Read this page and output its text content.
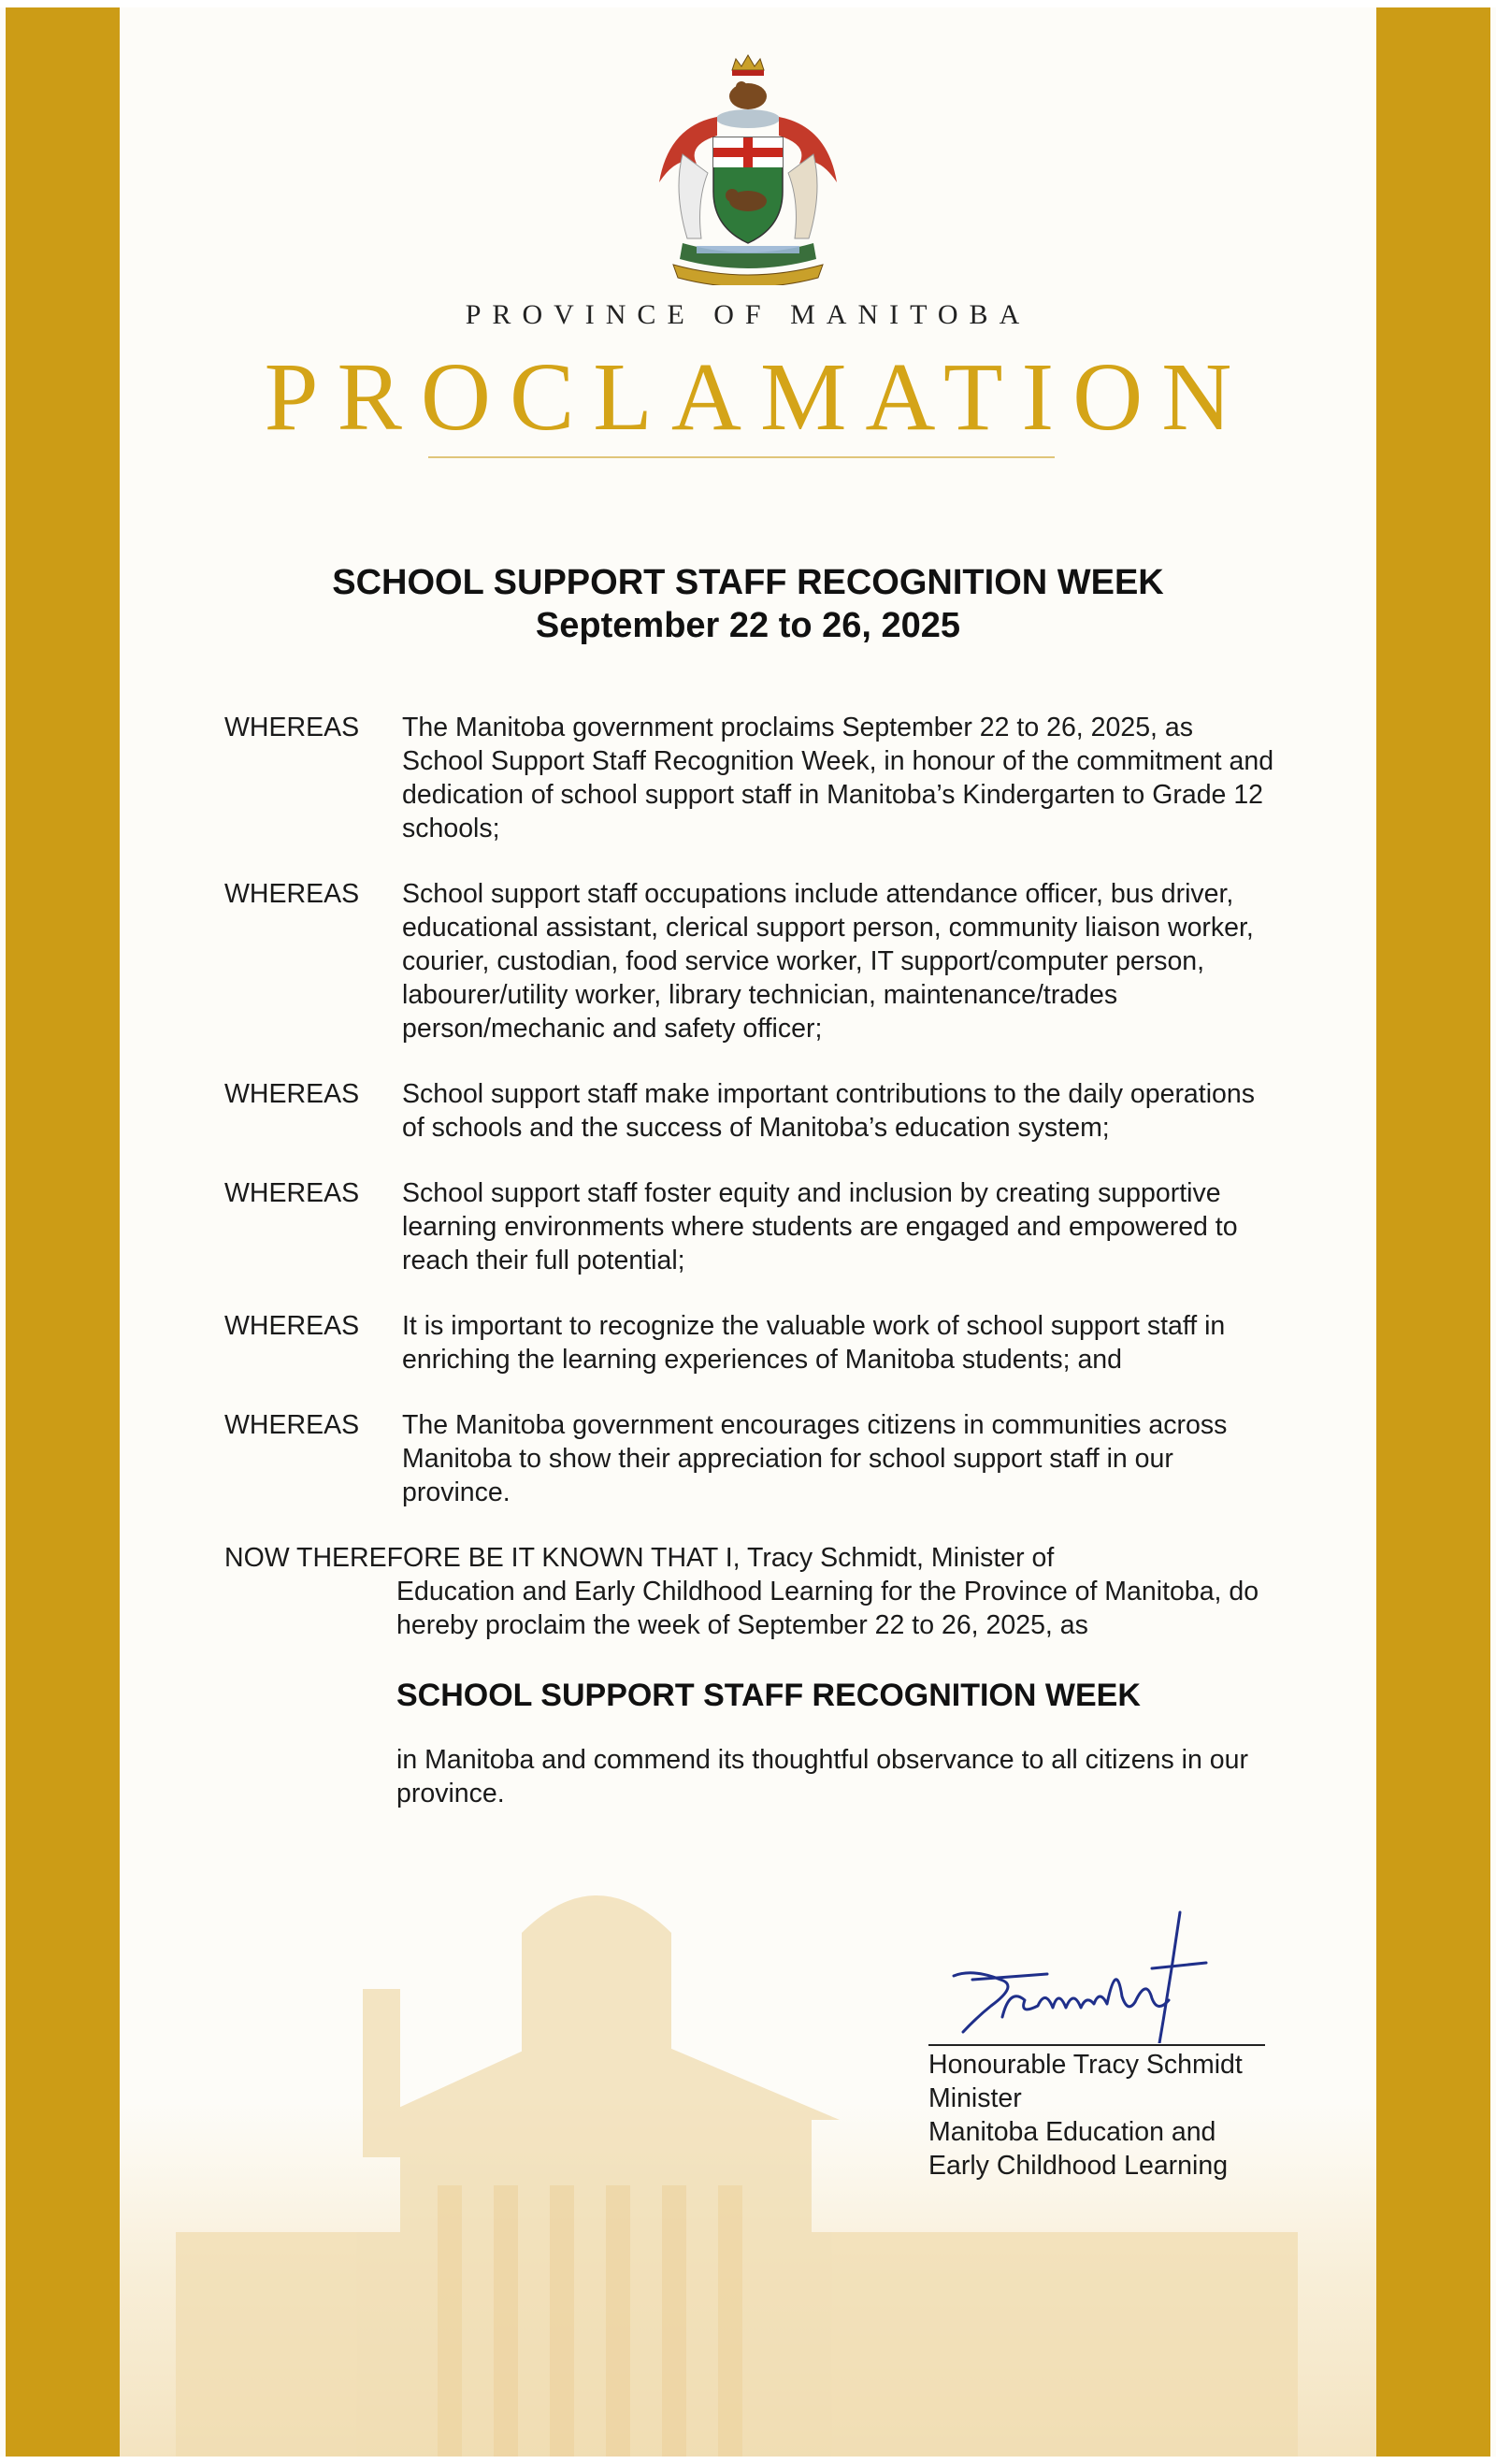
PROVINCE OF MANITOBA
PROCLAMATION
SCHOOL SUPPORT STAFF RECOGNITION WEEK
September 22 to 26, 2025
WHEREAS	The Manitoba government proclaims September 22 to 26, 2025, as School Support Staff Recognition Week, in honour of the commitment and dedication of school support staff in Manitoba’s Kindergarten to Grade 12 schools;
WHEREAS	School support staff occupations include attendance officer, bus driver, educational assistant, clerical support person, community liaison worker, courier, custodian, food service worker, IT support/computer person, labourer/utility worker, library technician, maintenance/trades person/mechanic and safety officer;
WHEREAS	School support staff make important contributions to the daily operations of schools and the success of Manitoba’s education system;
WHEREAS	School support staff foster equity and inclusion by creating supportive learning environments where students are engaged and empowered to reach their full potential;
WHEREAS	It is important to recognize the valuable work of school support staff in enriching the learning experiences of Manitoba students; and
WHEREAS	The Manitoba government encourages citizens in communities across Manitoba to show their appreciation for school support staff in our province.
NOW THEREFORE BE IT KNOWN THAT I, Tracy Schmidt, Minister of
Education and Early Childhood Learning for the Province of Manitoba, do hereby proclaim the week of September 22 to 26, 2025, as
SCHOOL SUPPORT STAFF RECOGNITION WEEK
in Manitoba and commend its thoughtful observance to all citizens in our province.
Honourable Tracy Schmidt
Minister
Manitoba Education and
Early Childhood Learning
